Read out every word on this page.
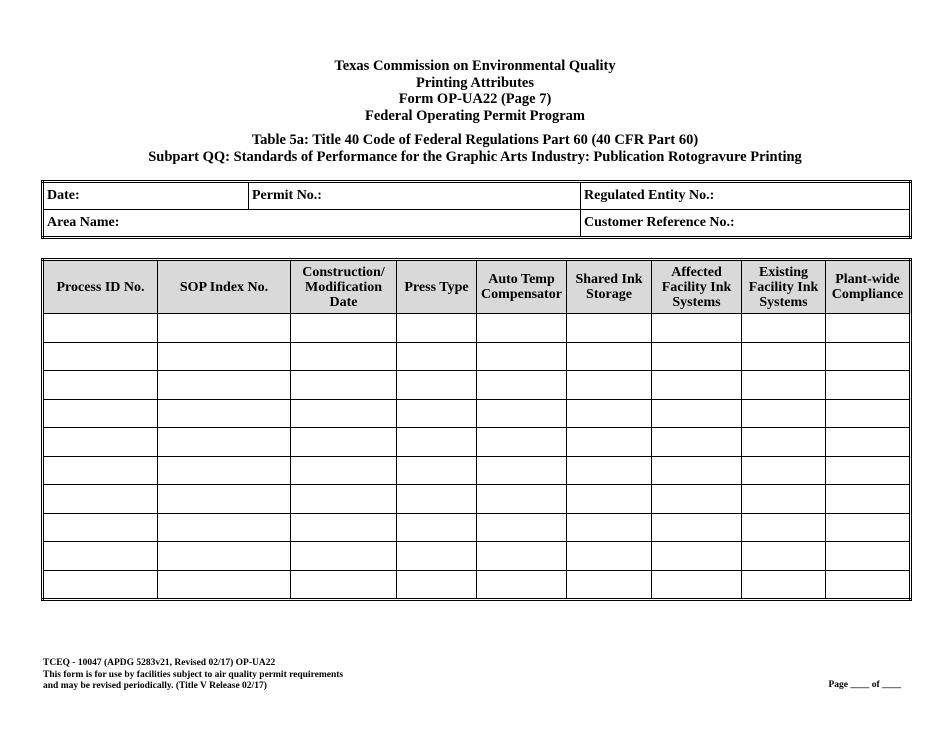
Texas Commission on Environmental Quality
Printing Attributes
Form OP-UA22 (Page 7)
Federal Operating Permit Program
Table 5a: Title 40 Code of Federal Regulations Part 60 (40 CFR Part 60)
Subpart QQ: Standards of Performance for the Graphic Arts Industry: Publication Rotogravure Printing
Date:	Permit No.:	Regulated Entity No.:
Area Name:		Customer Reference No.:
Process ID No.	SOP Index No.	Construction/ Modification Date	Press Type	Auto Temp Compensator	Shared Ink Storage	Affected Facility Ink Systems	Existing Facility Ink Systems	Plant-wide Compliance

TCEQ - 10047 (APDG 5283v21, Revised 02/17) OP-UA22
This form is for use by facilities subject to air quality permit requirements
and may be revised periodically. (Title V Release 02/17)	Page ____ of ____
